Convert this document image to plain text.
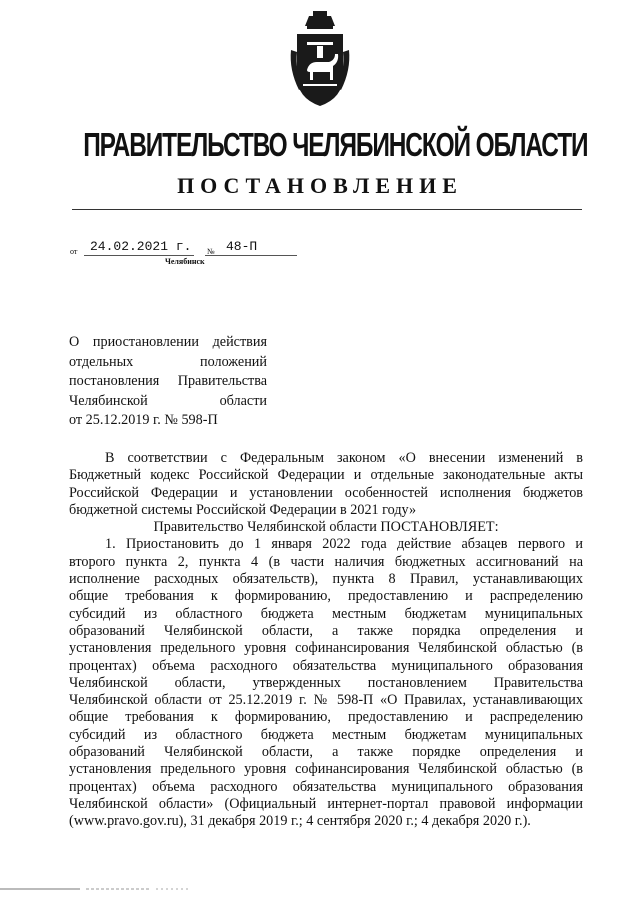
ПРАВИТЕЛЬСТВО ЧЕЛЯБИНСКОЙ ОБЛАСТИ
ПОСТАНОВЛЕНИЕ
от 24.02.2021 г. № 48-П
Челябинск
О приостановлении действия
отдельных положений
постановления Правительства
Челябинской области
от 25.12.2019 г. № 598-П
В соответствии с Федеральным законом «О внесении изменений в
Бюджетный кодекс Российской Федерации и отдельные законодательные акты
Российской Федерации и установлении особенностей исполнения бюджетов
бюджетной системы Российской Федерации в 2021 году»
Правительство Челябинской области ПОСТАНОВЛЯЕТ:
1. Приостановить до 1 января 2022 года действие абзацев первого и
второго пункта 2, пункта 4 (в части наличия бюджетных ассигнований на
исполнение расходных обязательств), пункта 8 Правил, устанавливающих
общие требования к формированию, предоставлению и распределению
субсидий из областного бюджета местным бюджетам муниципальных
образований Челябинской области, а также порядка определения и
установления предельного уровня софинансирования Челябинской областью (в
процентах) объема расходного обязательства муниципального образования
Челябинской области, утвержденных постановлением Правительства
Челябинской области от 25.12.2019 г. № 598-П «О Правилах, устанавливающих
общие требования к формированию, предоставлению и распределению
субсидий из областного бюджета местным бюджетам муниципальных
образований Челябинской области, а также порядке определения и
установления предельного уровня софинансирования Челябинской областью (в
процентах) объема расходного обязательства муниципального образования
Челябинской области» (Официальный интернет-портал правовой информации
(www.pravo.gov.ru), 31 декабря 2019 г.; 4 сентября 2020 г.; 4 декабря 2020 г.).
